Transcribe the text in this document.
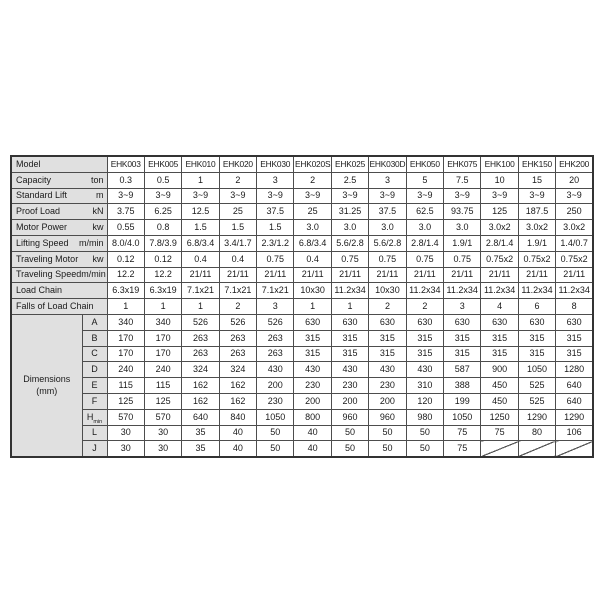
Model		EHK003	EHK005	EHK010	EHK020	EHK030	EHK020S	EHK025	EHK030D	EHK050	EHK075	EHK100	EHK150	EHK200

Capacity ton		0.3	0.5	1	2	3	2	2.5	3	5	7.5	10	15	20

Standard Lift m		3~9	3~9	3~9	3~9	3~9	3~9	3~9	3~9	3~9	3~9	3~9	3~9	3~9

Proof Load kN		3.75	6.25	12.5	25	37.5	25	31.25	37.5	62.5	93.75	125	187.5	250

Motor Power kw		0.55	0.8	1.5	1.5	1.5	3.0	3.0	3.0	3.0	3.0	3.0x2	3.0x2	3.0x2

Lifting Speed m/min		8.0/4.0	7.8/3.9	6.8/3.4	3.4/1.7	2.3/1.2	6.8/3.4	5.6/2.8	5.6/2.8	2.8/1.4	1.9/1	2.8/1.4	1.9/1	1.4/0.7

Traveling Motor kw		0.12	0.12	0.4	0.4	0.75	0.4	0.75	0.75	0.75	0.75	0.75x2	0.75x2	0.75x2

Traveling Speed m/min		12.2	12.2	21/11	21/11	21/11	21/11	21/11	21/11	21/11	21/11	21/11	21/11	21/11

Load Chain		6.3x19	6.3x19	7.1x21	7.1x21	7.1x21	10x30	11.2x34	10x30	11.2x34	11.2x34	11.2x34	11.2x34	11.2x34

Falls of Load Chain		1	1	1	2	3	1	1	2	2	3	4	6	8

Dimensions
(mm)	A	340	340	526	526	526	630	630	630	630	630	630	630	630
	B	170	170	263	263	263	315	315	315	315	315	315	315	315
	C	170	170	263	263	263	315	315	315	315	315	315	315	315
	D	240	240	324	324	430	430	430	430	430	587	900	1050	1280
	E	115	115	162	162	200	230	230	230	310	388	450	525	640
	F	125	125	162	162	230	200	200	200	120	199	450	525	640
	$H_{min}$	570	570	640	840	1050	800	960	960	980	1050	1250	1290	1290
	L	30	30	35	40	50	40	50	50	50	75	75	80	106
	J	30	30	35	40	50	40	50	50	50	75			
